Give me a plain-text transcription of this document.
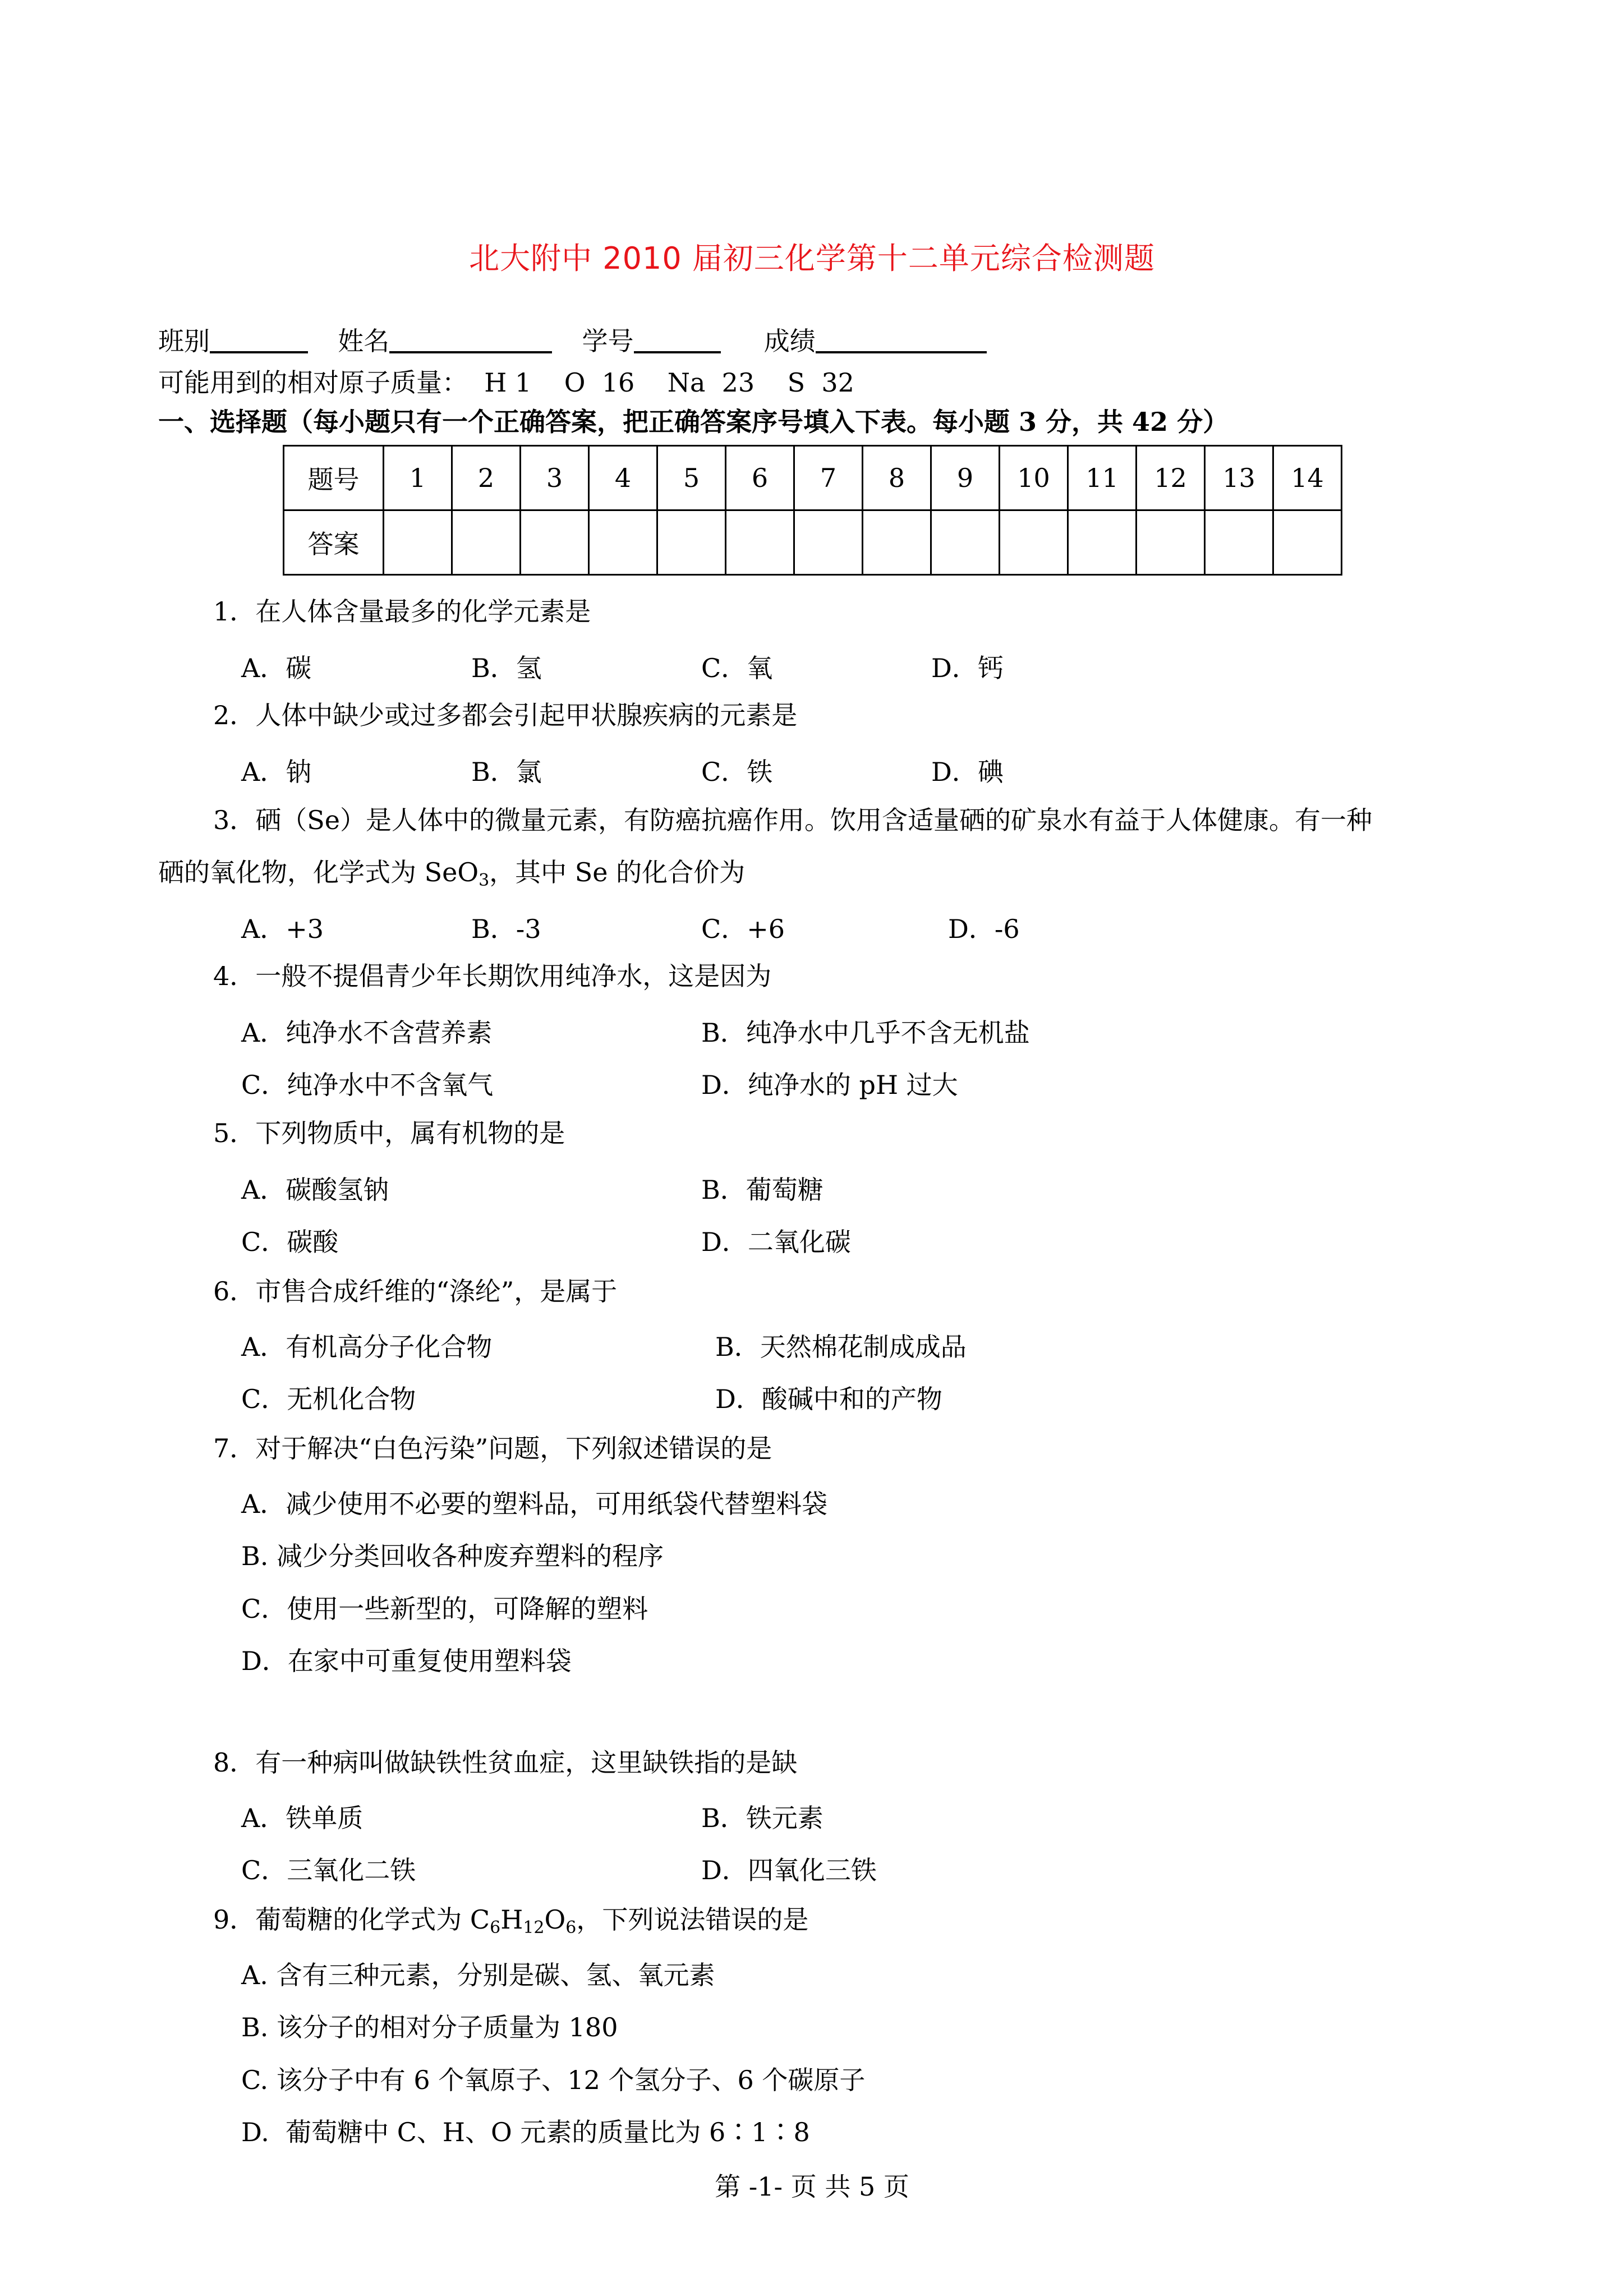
北大附中 2010 届初三化学第十二单元综合检测题
班别	姓名	学号	成绩
可能用到的相对原子质量：  H 1    O  16    Na  23    S  32
一、选择题（每小题只有一个正确答案，把正确答案序号填入下表。每小题 3 分，共 42 分）
题号	1	2	3	4	5	6	7	8	9	10	11	12	13	14
答案														
1．在人体含量最多的化学元素是
A．碳	B．氢	C．氧	D．钙
2．人体中缺少或过多都会引起甲状腺疾病的元素是
A．钠	B．氯	C．铁	D．碘
3．硒（Se）是人体中的微量元素，有防癌抗癌作用。饮用含适量硒的矿泉水有益于人体健康。有一种
硒的氧化物，化学式为 SeO$_3$，其中 Se 的化合价为
A．+3	B．-3	C．+6	D．-6
4．一般不提倡青少年长期饮用纯净水，这是因为
A．纯净水不含营养素	B．纯净水中几乎不含无机盐
C．纯净水中不含氧气	D．纯净水的 pH 过大
5．下列物质中，属有机物的是
A．碳酸氢钠	B．葡萄糖
C．碳酸	D．二氧化碳
6．市售合成纤维的“涤纶”，是属于
A．有机高分子化合物	B．天然棉花制成成品
C．无机化合物	D．酸碱中和的产物
7．对于解决“白色污染”问题，下列叙述错误的是
A．减少使用不必要的塑料品，可用纸袋代替塑料袋
B. 减少分类回收各种废弃塑料的程序
C．使用一些新型的，可降解的塑料
D．在家中可重复使用塑料袋
8．有一种病叫做缺铁性贫血症，这里缺铁指的是缺
A．铁单质	B．铁元素
C．三氧化二铁	D．四氧化三铁
9．葡萄糖的化学式为 $C_6H_{12}O_6$，下列说法错误的是
A. 含有三种元素，分别是碳、氢、氧元素
B. 该分子的相对分子质量为 180
C. 该分子中有 6 个氧原子、12 个氢分子、6 个碳原子
D.  葡萄糖中 C、H、O 元素的质量比为 6∶1∶8
第 -1- 页 共 5 页
